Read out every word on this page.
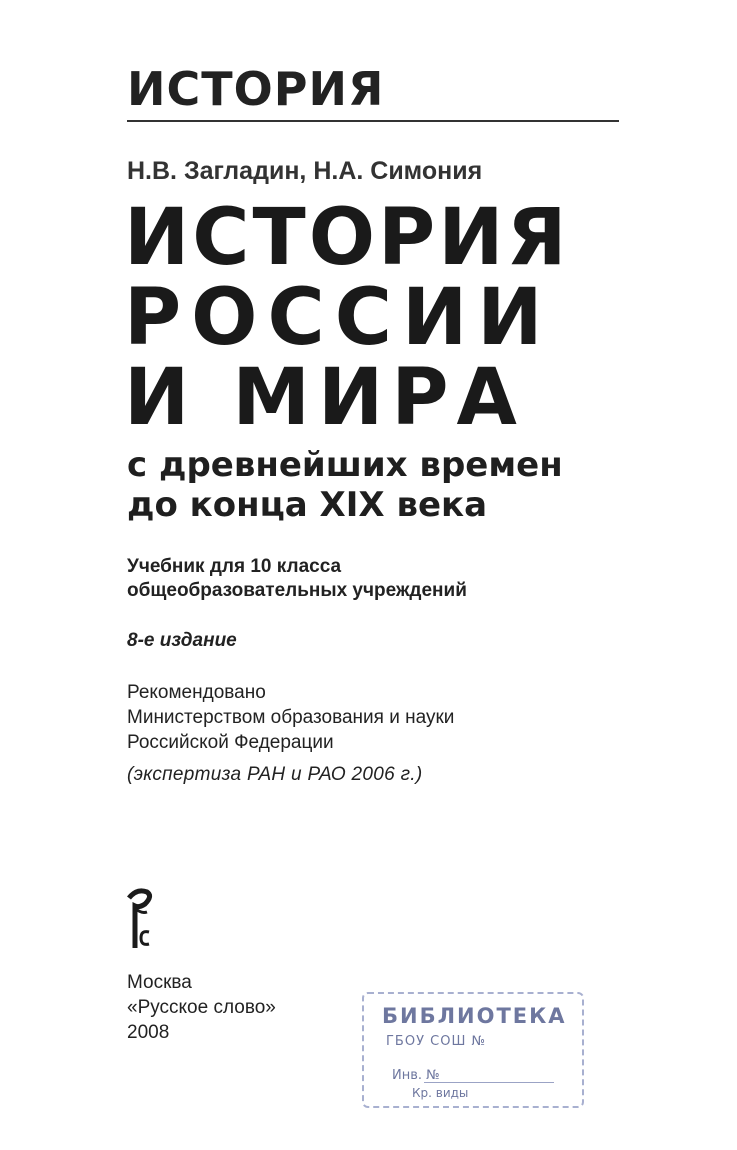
ИСТОРИЯ
Н.В. Загладин, Н.А. Симония
ИСТОРИЯ
РОССИИ
И МИРА
с древнейших времен
до конца XIX века
Учебник для 10 класса
общеобразовательных учреждений
8-е издание
Рекомендовано
Министерством образования и науки
Российской Федерации
(экспертиза РАН и РАО 2006 г.)
Москва
«Русское слово»
2008
БИБЛИОТЕКА
ГБОУ СОШ №
Инв. №
Кр. виды
